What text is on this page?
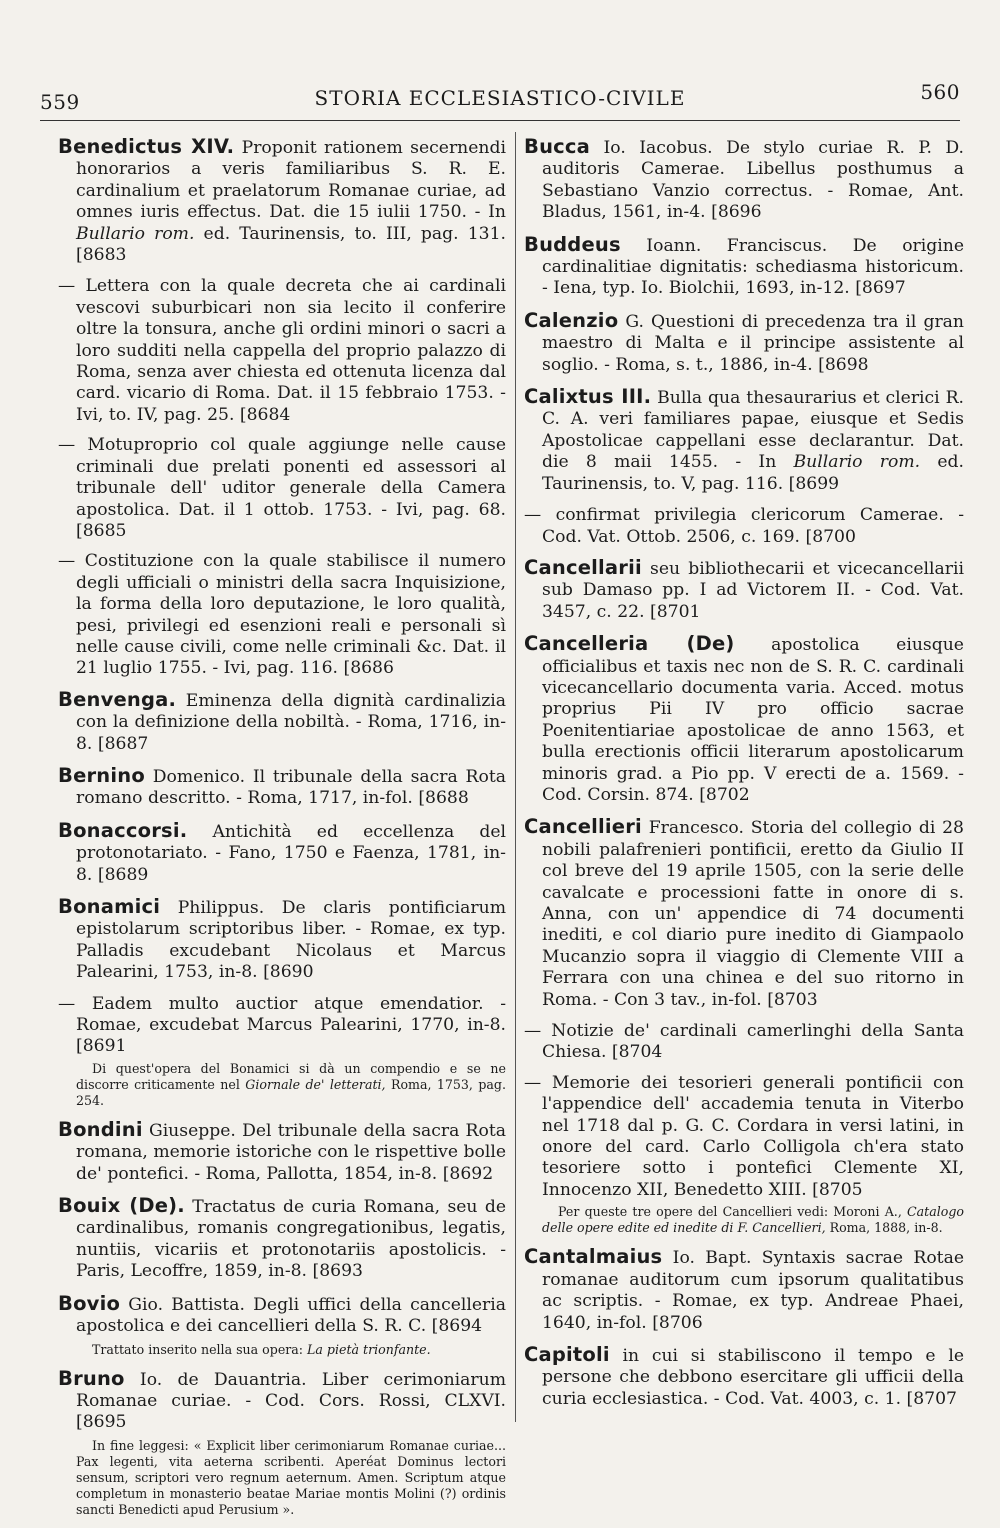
559	STORIA ECCLESIASTICO-CIVILE	560

Benedictus XIV. Proponit rationem secernendi honorarios a veris familiaribus S. R. E. cardinalium et praelatorum Romanae curiae, ad omnes iuris effectus. Dat. die 15 iulii 1750. - In Bullario rom. ed. Taurinensis, to. III, pag. 131.[8683

— Lettera con la quale decreta che ai cardinali vescovi suburbicari non sia lecito il conferire oltre la tonsura, anche gli ordini minori o sacri a loro sudditi nella cappella del proprio palazzo di Roma, senza aver chiesta ed ottenuta licenza dal card. vicario di Roma. Dat. il 15 febbraio 1753. - Ivi, to. IV, pag. 25. [8684

— Motuproprio col quale aggiunge nelle cause criminali due prelati ponenti ed assessori al tribunale dell' uditor generale della Camera apostolica. Dat. il 1 ottob. 1753. - Ivi, pag. 68. [8685

— Costituzione con la quale stabilisce il numero degli ufficiali o ministri della sacra Inquisizione, la forma della loro deputazione, le loro qualità, pesi, privilegi ed esenzioni reali e personali sì nelle cause civili, come nelle criminali &c. Dat. il 21 luglio 1755. - Ivi, pag. 116. [8686

Benvenga. Eminenza della dignità cardinalizia con la definizione della nobiltà. - Roma, 1716, in-8. [8687

Bernino Domenico. Il tribunale della sacra Rota romano descritto. - Roma, 1717, in-fol. [8688

Bonaccorsi. Antichità ed eccellenza del protonotariato. - Fano, 1750 e Faenza, 1781, in-8. [8689

Bonamici Philippus. De claris pontificiarum epistolarum scriptoribus liber. - Romae, ex typ. Palladis excudebant Nicolaus et Marcus Palearini, 1753, in-8. [8690

— Eadem multo auctior atque emendatior. - Romae, excudebat Marcus Palearini, 1770, in-8. [8691

Di quest'opera del Bonamici si dà un compendio e se ne discorre criticamente nel Giornale de' letterati, Roma, 1753, pag. 254.

Bondini Giuseppe. Del tribunale della sacra Rota romana, memorie istoriche con le rispettive bolle de' pontefici. - Roma, Pallotta, 1854, in-8. [8692

Bouix (De). Tractatus de curia Romana, seu de cardinalibus, romanis congregationibus, legatis, nuntiis, vicariis et protonotariis apostolicis. - Paris, Lecoffre, 1859, in-8. [8693

Bovio Gio. Battista. Degli uffici della cancelleria apostolica e dei cancellieri della S. R. C. [8694

Trattato inserito nella sua opera: La pietà trionfante.

Bruno Io. de Dauantria. Liber cerimoniarum Romanae curiae. - Cod. Cors. Rossi, CLXVI. [8695

In fine leggesi: « Explicit liber cerimoniarum Romanae curiae... Pax legenti, vita aeterna scribenti. Aperéat Dominus lectori sensum, scriptori vero regnum aeternum. Amen. Scriptum atque completum in monasterio beatae Mariae montis Molini (?) ordinis sancti Benedicti apud Perusium ».

Bucca Io. Iacobus. De stylo curiae R. P. D. auditoris Camerae. Libellus posthumus a Sebastiano Vanzio correctus. - Romae, Ant. Bladus, 1561, in-4. [8696

Buddeus Ioann. Franciscus. De origine cardinalitiae dignitatis: schediasma historicum. - Iena, typ. Io. Biolchii, 1693, in-12. [8697

Calenzio G. Questioni di precedenza tra il gran maestro di Malta e il principe assistente al soglio. - Roma, s. t., 1886, in-4. [8698

Calixtus III. Bulla qua thesaurarius et clerici R. C. A. veri familiares papae, eiusque et Sedis Apostolicae cappellani esse declarantur. Dat. die 8 maii 1455. - In Bullario rom. ed. Taurinensis, to. V, pag. 116. [8699

— confirmat privilegia clericorum Camerae. - Cod. Vat. Ottob. 2506, c. 169. [8700

Cancellarii seu bibliothecarii et vicecancellarii sub Damaso pp. I ad Victorem II. - Cod. Vat. 3457, c. 22. [8701

Cancelleria (De) apostolica eiusque officialibus et taxis nec non de S. R. C. cardinali vicecancellario documenta varia. Acced. motus proprius Pii IV pro officio sacrae Poenitentiariae apostolicae de anno 1563, et bulla erectionis officii literarum apostolicarum minoris grad. a Pio pp. V erecti de a. 1569. - Cod. Corsin. 874. [8702

Cancellieri Francesco. Storia del collegio di 28 nobili palafrenieri pontificii, eretto da Giulio II col breve del 19 aprile 1505, con la serie delle cavalcate e processioni fatte in onore di s. Anna, con un' appendice di 74 documenti inediti, e col diario pure inedito di Giampaolo Mucanzio sopra il viaggio di Clemente VIII a Ferrara con una chinea e del suo ritorno in Roma. - Con 3 tav., in-fol. [8703

— Notizie de' cardinali camerlinghi della Santa Chiesa. [8704

— Memorie dei tesorieri generali pontificii con l'appendice dell' accademia tenuta in Viterbo nel 1718 dal p. G. C. Cordara in versi latini, in onore del card. Carlo Colligola ch'era stato tesoriere sotto i pontefici Clemente XI, Innocenzo XII, Benedetto XIII. [8705

Per queste tre opere del Cancellieri vedi: Moroni A., Catalogo delle opere edite ed inedite di F. Cancellieri, Roma, 1888, in-8.

Cantalmaius Io. Bapt. Syntaxis sacrae Rotae romanae auditorum cum ipsorum qualitatibus ac scriptis. - Romae, ex typ. Andreae Phaei, 1640, in-fol. [8706

Capitoli in cui si stabiliscono il tempo e le persone che debbono esercitare gli ufficii della curia ecclesiastica. - Cod. Vat. 4003, c. 1. [8707
